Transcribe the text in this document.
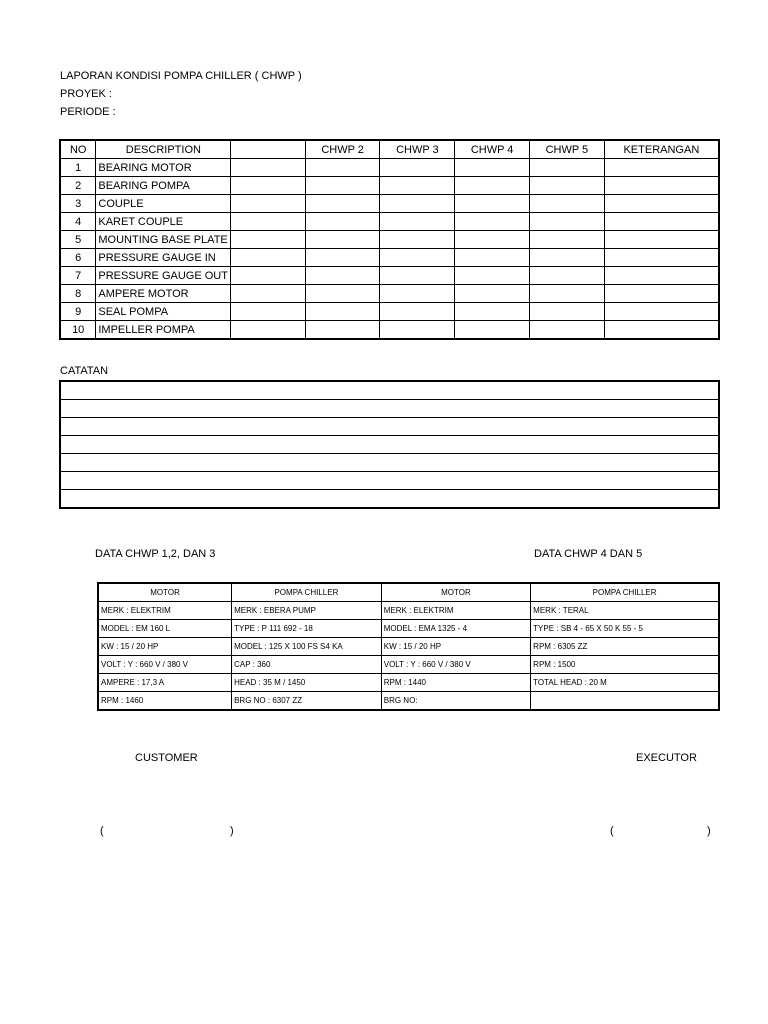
LAPORAN KONDISI POMPA CHILLER ( CHWP )
PROYEK :
PERIODE :
NO	DESCRIPTION		CHWP 2	CHWP 3	CHWP 4	CHWP 5	KETERANGAN
1	BEARING MOTOR						
2	BEARING POMPA						
3	COUPLE						
4	KARET COUPLE						
5	MOUNTING BASE PLATE						
6	PRESSURE GAUGE IN						
7	PRESSURE GAUGE OUT						
8	AMPERE MOTOR						
9	SEAL POMPA						
10	IMPELLER POMPA						
CATATAN

DATA CHWP 1,2, DAN 3	DATA CHWP 4 DAN 5
MOTOR	POMPA CHILLER	MOTOR	POMPA CHILLER
MERK : ELEKTRIM	MERK : EBERA PUMP	MERK : ELEKTRIM	MERK : TERAL
MODEL : EM 160 L	TYPE : P 111 692 - 18	MODEL : EMA 1325 - 4	TYPE : SB 4 - 65 X 50 K 55 - 5
KW : 15 / 20 HP	MODEL : 125 X 100 FS S4 KA	KW : 15 / 20 HP	RPM : 6305 ZZ
VOLT : Y : 660 V / 380 V	CAP : 360	VOLT : Y : 660 V / 380 V	RPM : 1500
AMPERE : 17,3 A	HEAD : 35 M / 1450	RPM : 1440	TOTAL HEAD : 20 M
RPM : 1460	BRG NO : 6307 ZZ	BRG NO:	
CUSTOMER	EXECUTOR
(	)	(	)
